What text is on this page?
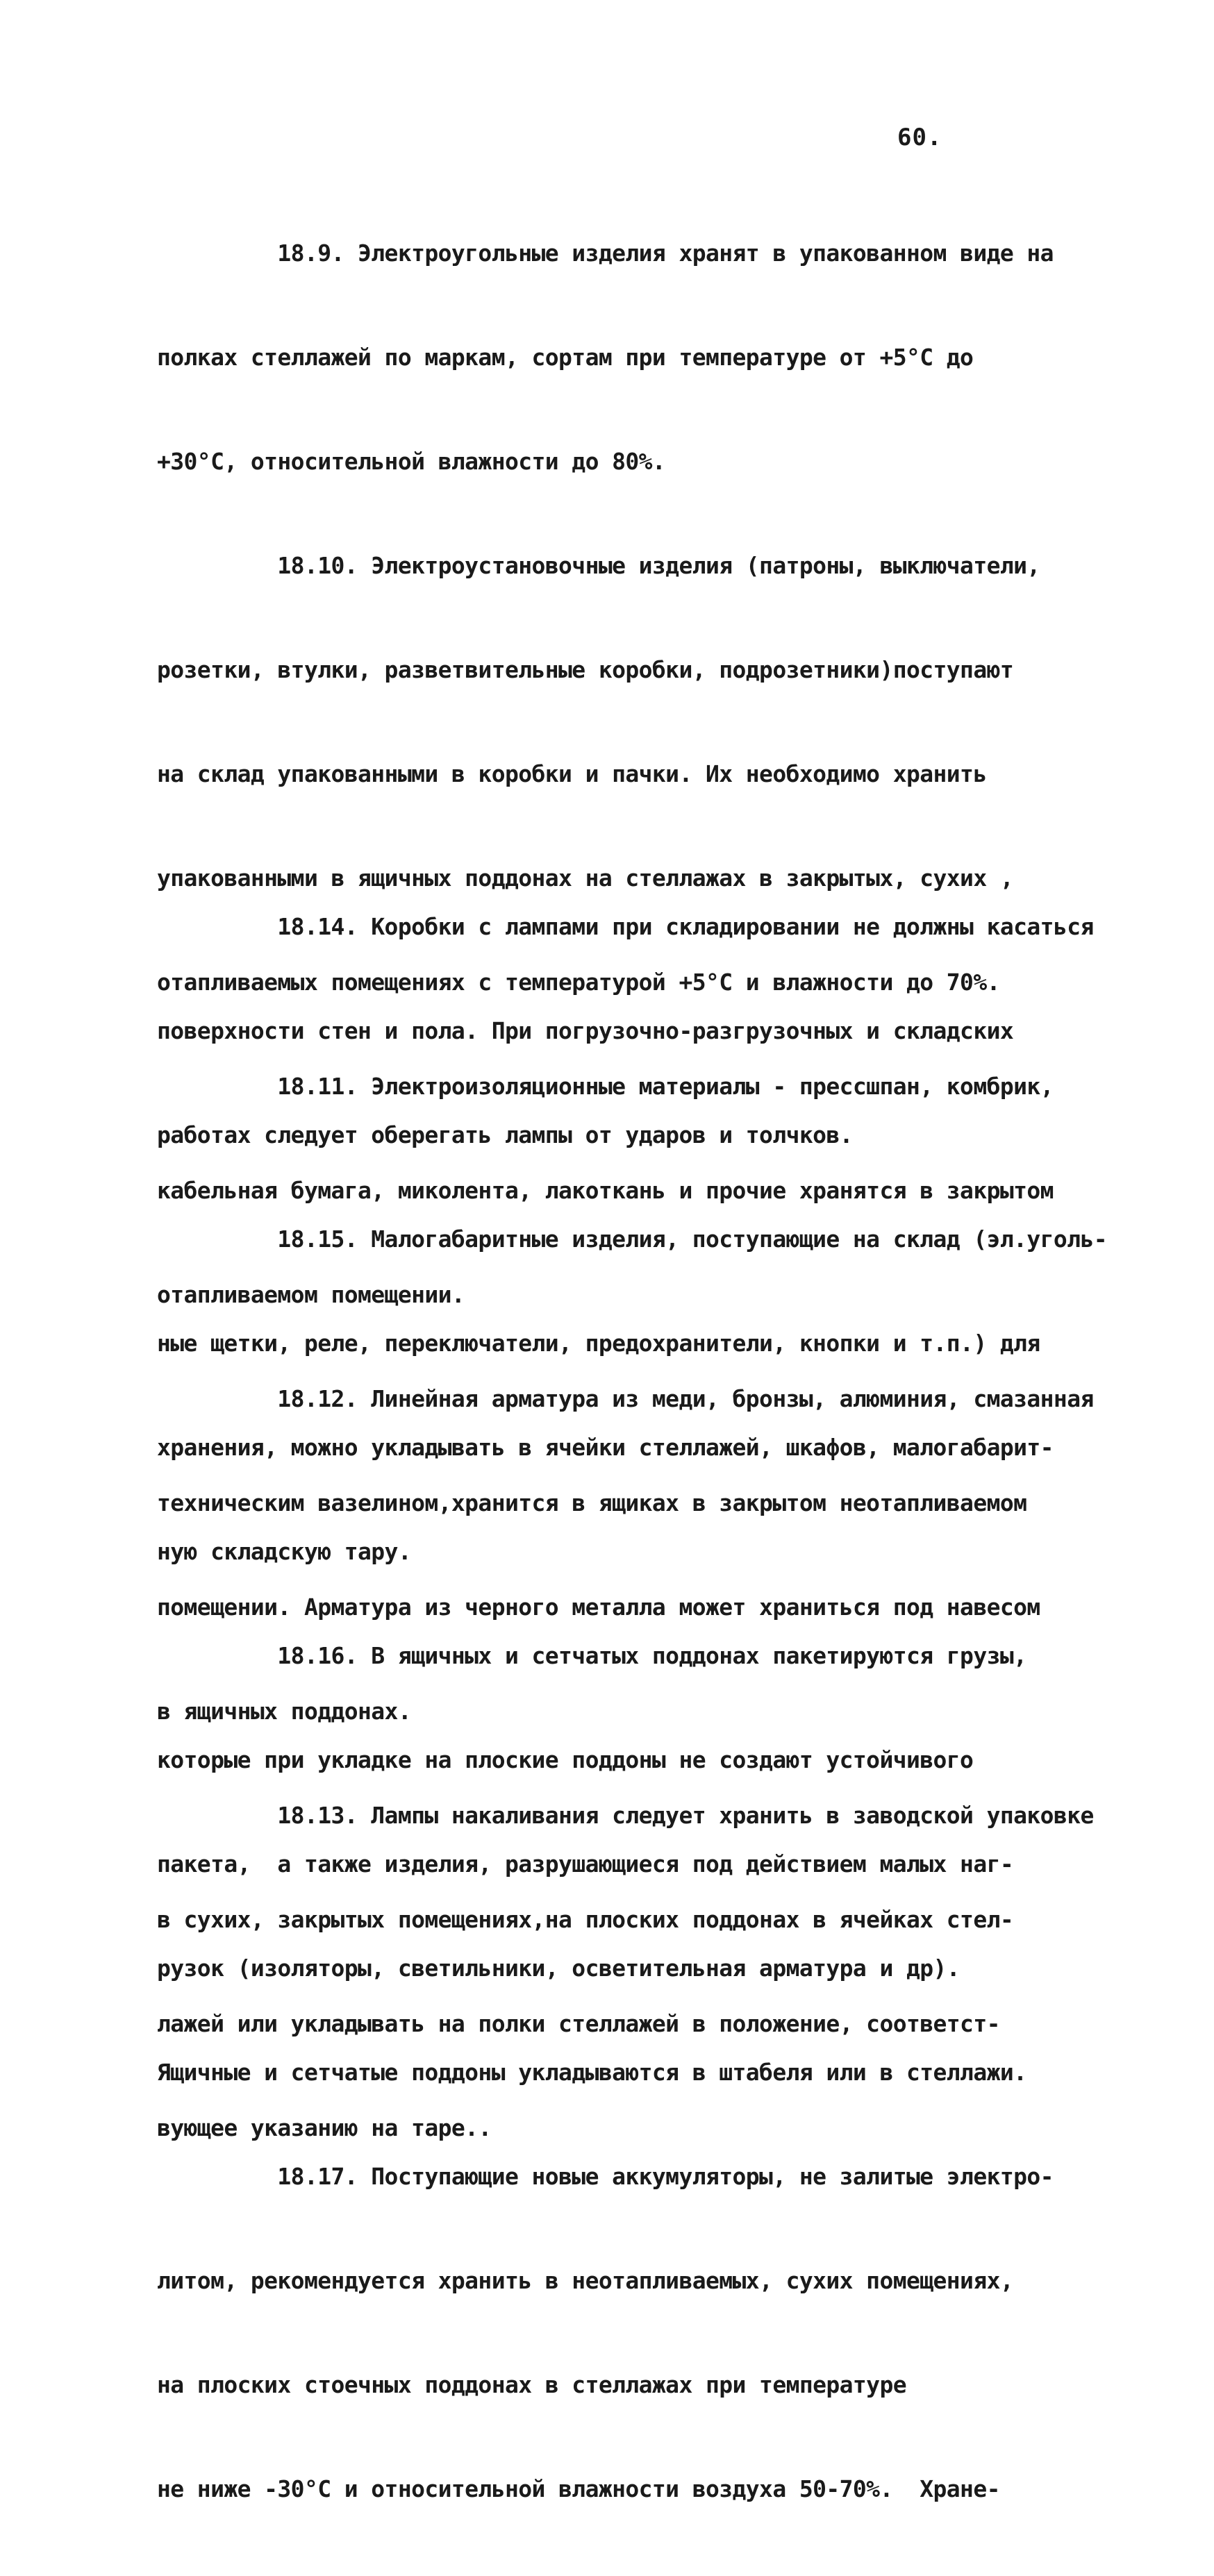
60.

18.9. Электроугольные изделия хранят в упакованном виде на

полках стеллажей по маркам, сортам при температуре от +5°С до

+30°С, относительной влажности до 80%.

18.10. Электроустановочные изделия (патроны, выключатели,

розетки, втулки, разветвительные коробки, подрозетники)поступают

на склад упакованными в коробки и пачки. Их необходимо хранить

упакованными в ящичных поддонах на стеллажах в закрытых, сухих ,

отапливаемых помещениях с температурой +5°С и влажности до 70%.

18.11. Электроизоляционные материалы - прессшпан, комбрик,

кабельная бумага, миколента, лакоткань и прочие хранятся в закрытом

отапливаемом помещении.

18.12. Линейная арматура из меди, бронзы, алюминия, смазанная

техническим вазелином,хранится в ящиках в закрытом неотапливаемом

помещении. Арматура из черного металла может храниться под навесом

в ящичных поддонах.

18.13. Лампы накаливания следует хранить в заводской упаковке

в сухих, закрытых помещениях,на плоских поддонах в ячейках стел-

лажей или укладывать на полки стеллажей в положение, соответст-

вующее указанию на таре..

18.14. Коробки с лампами при складировании не должны касаться

поверхности стен и пола. При погрузочно-разгрузочных и складских

работах следует оберегать лампы от ударов и толчков.

18.15. Малогабаритные изделия, поступающие на склад (эл.уголь-

ные щетки, реле, переключатели, предохранители, кнопки и т.п.) для

хранения, можно укладывать в ячейки стеллажей, шкафов, малогабарит-

ную складскую тару.

18.16. В ящичных и сетчатых поддонах пакетируются грузы,

которые при укладке на плоские поддоны не создают устойчивого

пакета,  а также изделия, разрушающиеся под действием малых наг-

рузок (изоляторы, светильники, осветительная арматура и др).

Ящичные и сетчатые поддоны укладываются в штабеля или в стеллажи.

18.17. Поступающие новые аккумуляторы, не залитые электро-

литом, рекомендуется хранить в неотапливаемых, сухих помещениях,

на плоских стоечных поддонах в стеллажах при температуре

не ниже -30°С и относительной влажности воздуха 50-70%.  Хране-
